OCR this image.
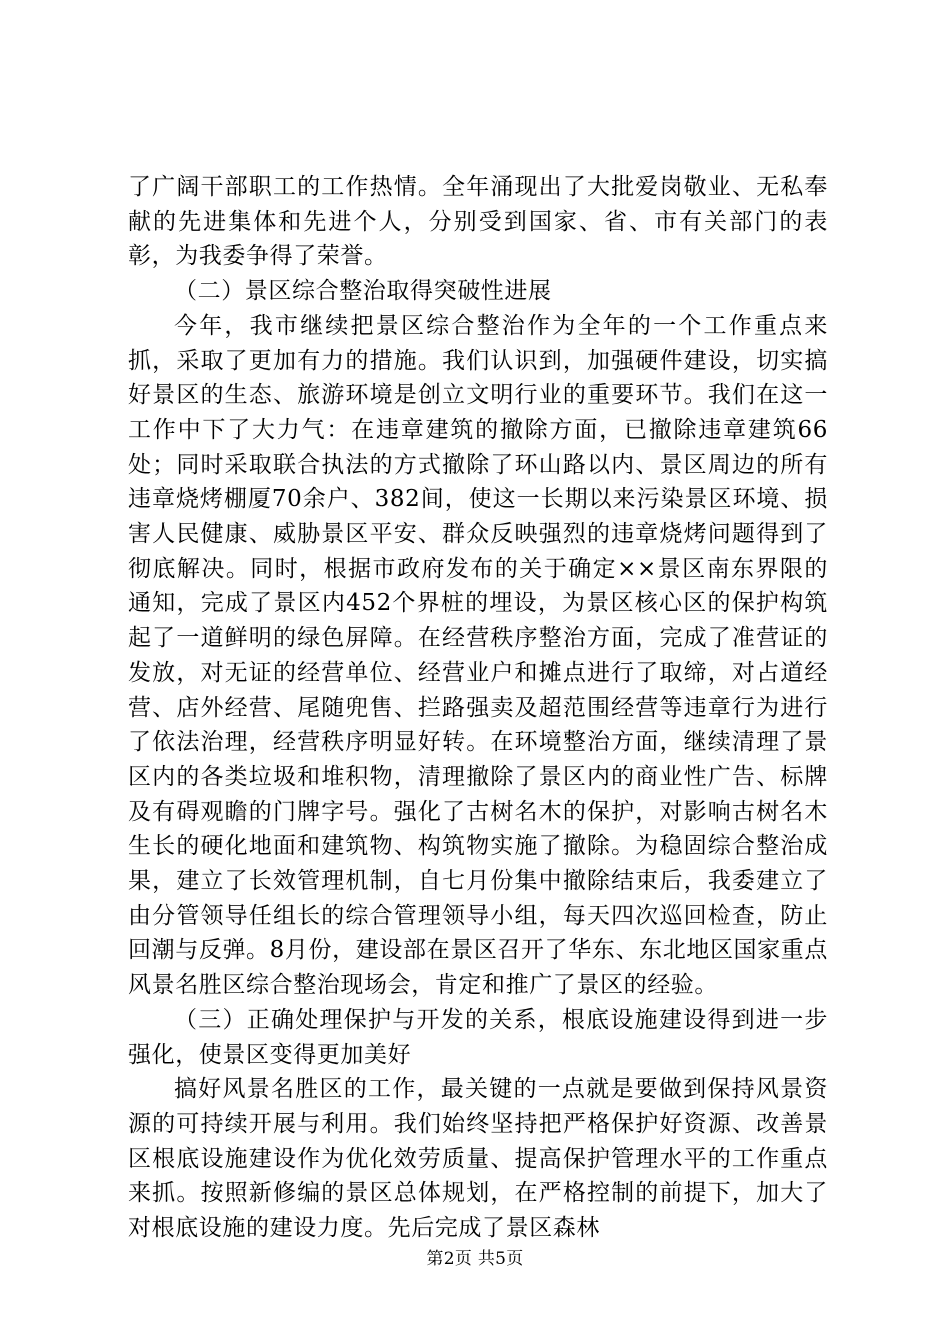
了广阔干部职工的工作热情。全年涌现出了大批爱岗敬业、无私奉献的先进集体和先进个人，分别受到国家、省、市有关部门的表彰，为我委争得了荣誉。

（二）景区综合整治取得突破性进展

今年，我市继续把景区综合整治作为全年的一个工作重点来抓，采取了更加有力的措施。我们认识到，加强硬件建设，切实搞好景区的生态、旅游环境是创立文明行业的重要环节。我们在这一工作中下了大力气：在违章建筑的撤除方面，已撤除违章建筑66处；同时采取联合执法的方式撤除了环山路以内、景区周边的所有违章烧烤棚厦70余户、382间，使这一长期以来污染景区环境、损害人民健康、威胁景区平安、群众反映强烈的违章烧烤问题得到了彻底解决。同时，根据市政府发布的关于确定××景区南东界限的通知，完成了景区内452个界桩的埋设，为景区核心区的保护构筑起了一道鲜明的绿色屏障。在经营秩序整治方面，完成了准营证的发放，对无证的经营单位、经营业户和摊点进行了取缔，对占道经营、店外经营、尾随兜售、拦路强卖及超范围经营等违章行为进行了依法治理，经营秩序明显好转。在环境整治方面，继续清理了景区内的各类垃圾和堆积物，清理撤除了景区内的商业性广告、标牌及有碍观瞻的门牌字号。强化了古树名木的保护，对影响古树名木生长的硬化地面和建筑物、构筑物实施了撤除。为稳固综合整治成果，建立了长效管理机制，自七月份集中撤除结束后，我委建立了由分管领导任组长的综合管理领导小组，每天四次巡回检查，防止回潮与反弹。8月份，建设部在景区召开了华东、东北地区国家重点风景名胜区综合整治现场会，肯定和推广了景区的经验。

（三）正确处理保护与开发的关系，根底设施建设得到进一步强化，使景区变得更加美好

搞好风景名胜区的工作，最关键的一点就是要做到保持风景资源的可持续开展与利用。我们始终坚持把严格保护好资源、改善景区根底设施建设作为优化效劳质量、提高保护管理水平的工作重点来抓。按照新修编的景区总体规划，在严格控制的前提下，加大了对根底设施的建设力度。先后完成了景区森林

第2页 共5页
